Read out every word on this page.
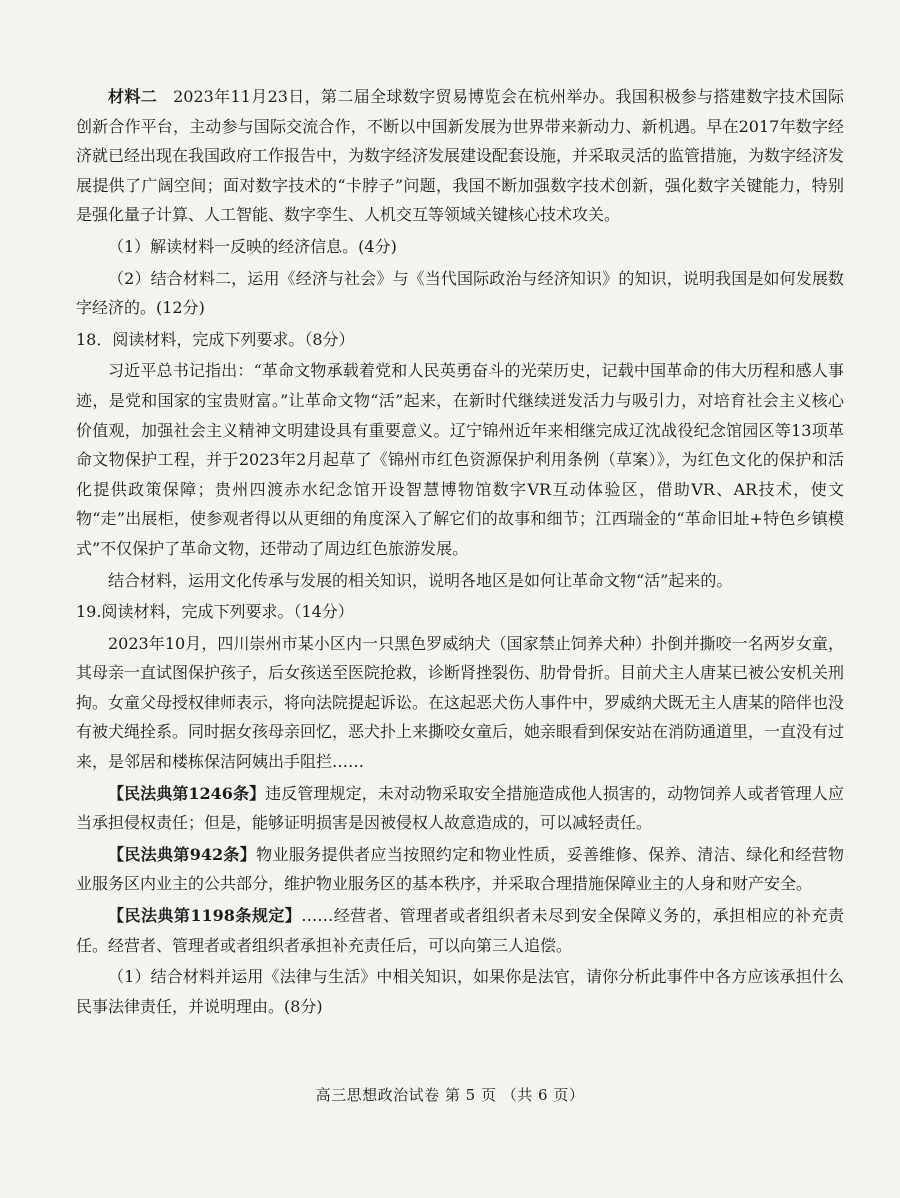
材料二  2023年11月23日，第二届全球数字贸易博览会在杭州举办。我国积极参与搭建数字技术国际创新合作平台，主动参与国际交流合作，不断以中国新发展为世界带来新动力、新机遇。早在2017年数字经济就已经出现在我国政府工作报告中，为数字经济发展建设配套设施，并采取灵活的监管措施，为数字经济发展提供了广阔空间；面对数字技术的“卡脖子”问题，我国不断加强数字技术创新，强化数字关键能力，特别是强化量子计算、人工智能、数字孪生、人机交互等领域关键核心技术攻关。

（1）解读材料一反映的经济信息。(4分)

（2）结合材料二，运用《经济与社会》与《当代国际政治与经济知识》的知识，说明我国是如何发展数字经济的。(12分)

18．阅读材料，完成下列要求。（8分）

习近平总书记指出：“革命文物承载着党和人民英勇奋斗的光荣历史，记载中国革命的伟大历程和感人事迹，是党和国家的宝贵财富。”让革命文物“活”起来，在新时代继续迸发活力与吸引力，对培育社会主义核心价值观，加强社会主义精神文明建设具有重要意义。辽宁锦州近年来相继完成辽沈战役纪念馆园区等13项革命文物保护工程，并于2023年2月起草了《锦州市红色资源保护利用条例（草案）》，为红色文化的保护和活化提供政策保障；贵州四渡赤水纪念馆开设智慧博物馆数字VR互动体验区，借助VR、AR技术，使文物“走”出展柜，使参观者得以从更细的角度深入了解它们的故事和细节；江西瑞金的“革命旧址+特色乡镇模式”不仅保护了革命文物，还带动了周边红色旅游发展。

结合材料，运用文化传承与发展的相关知识，说明各地区是如何让革命文物“活”起来的。

19.阅读材料，完成下列要求。（14分）

2023年10月，四川崇州市某小区内一只黑色罗威纳犬（国家禁止饲养犬种）扑倒并撕咬一名两岁女童，其母亲一直试图保护孩子，后女孩送至医院抢救，诊断肾挫裂伤、肋骨骨折。目前犬主人唐某已被公安机关刑拘。女童父母授权律师表示，将向法院提起诉讼。在这起恶犬伤人事件中，罗威纳犬既无主人唐某的陪伴也没有被犬绳拴系。同时据女孩母亲回忆，恶犬扑上来撕咬女童后，她亲眼看到保安站在消防通道里，一直没有过来，是邻居和楼栋保洁阿姨出手阻拦……

【民法典第1246条】违反管理规定，未对动物采取安全措施造成他人损害的，动物饲养人或者管理人应当承担侵权责任；但是，能够证明损害是因被侵权人故意造成的，可以减轻责任。

【民法典第942条】物业服务提供者应当按照约定和物业性质，妥善维修、保养、清洁、绿化和经营物业服务区内业主的公共部分，维护物业服务区的基本秩序，并采取合理措施保障业主的人身和财产安全。

【民法典第1198条规定】……经营者、管理者或者组织者未尽到安全保障义务的，承担相应的补充责任。经营者、管理者或者组织者承担补充责任后，可以向第三人追偿。

（1）结合材料并运用《法律与生活》中相关知识，如果你是法官，请你分析此事件中各方应该承担什么民事法律责任，并说明理由。(8分)

高三思想政治试卷 第 5 页 （共 6 页）
